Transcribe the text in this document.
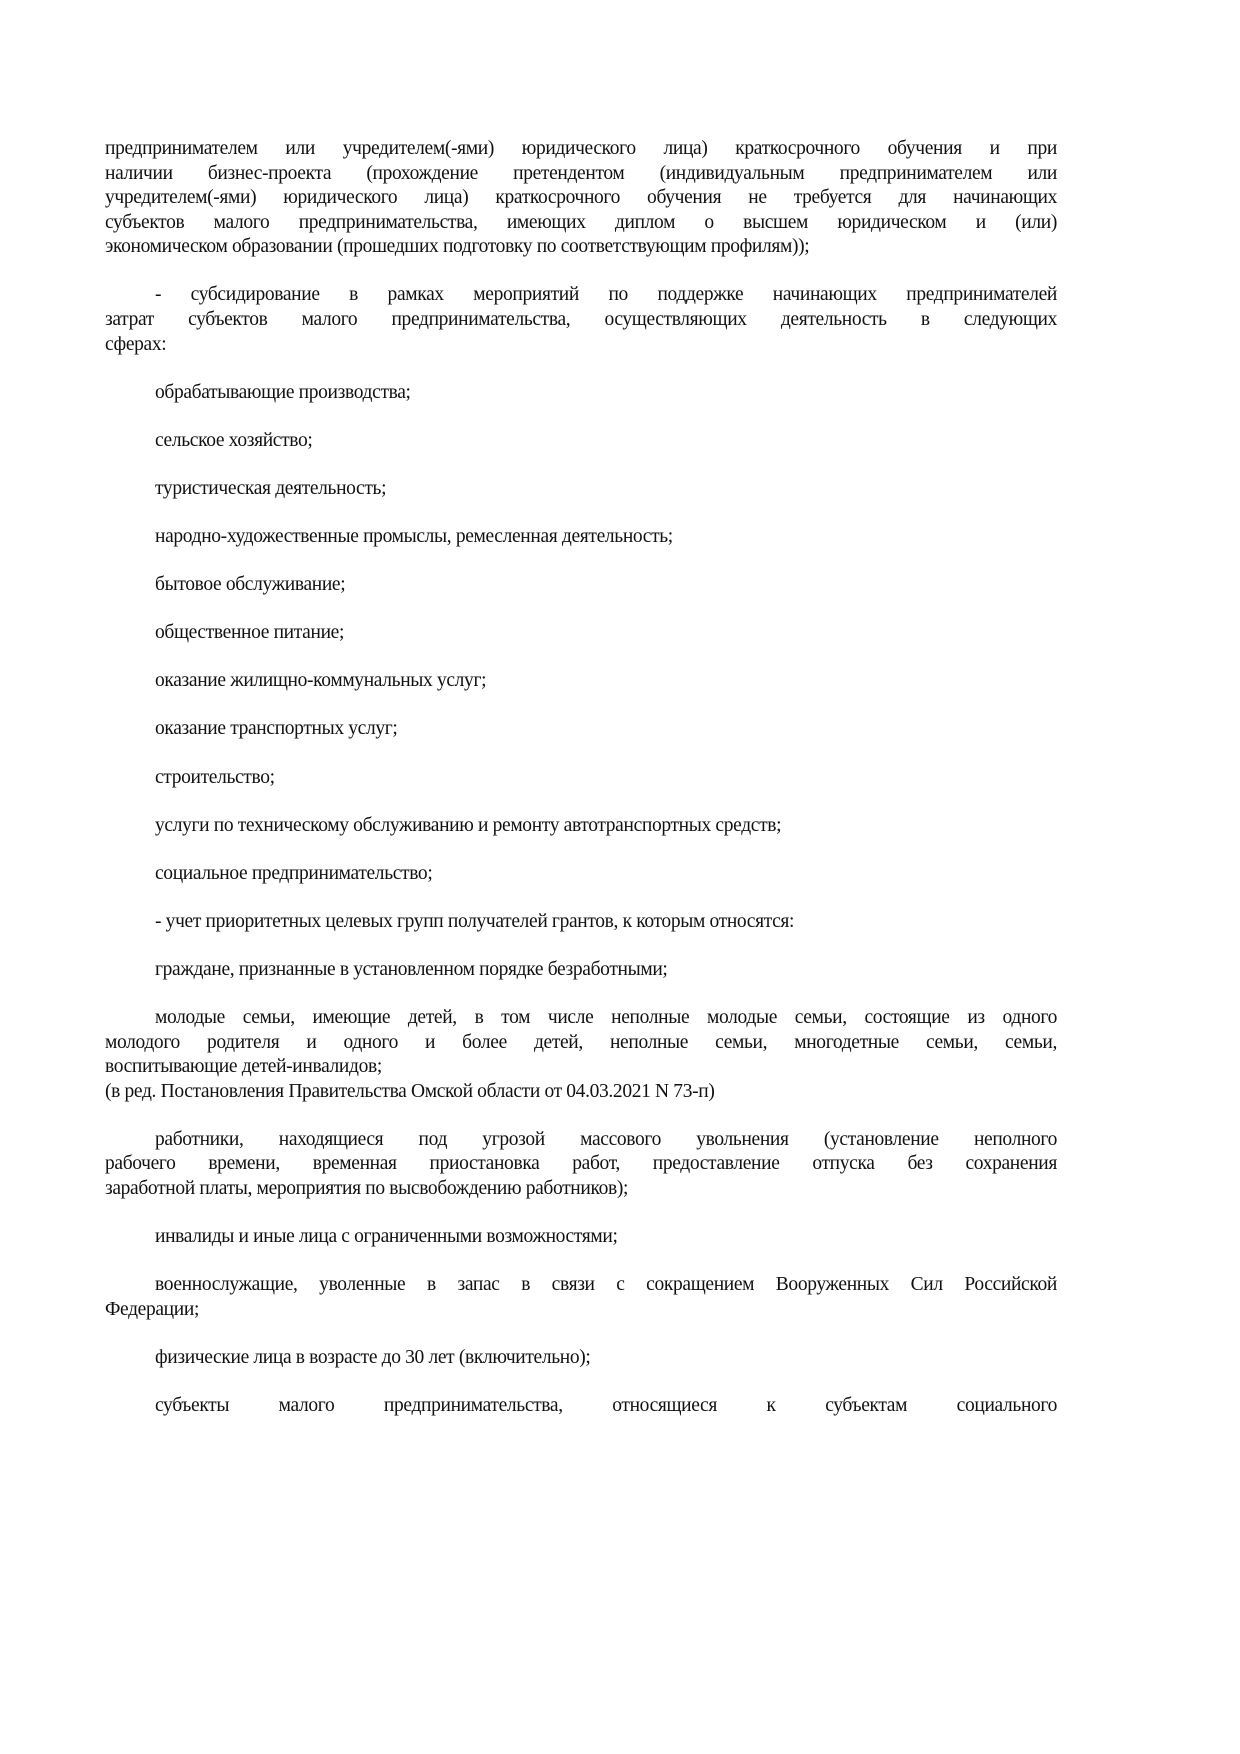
предпринимателем или учредителем(-ями) юридического лица) краткосрочного обучения и при
наличии бизнес-проекта (прохождение претендентом (индивидуальным предпринимателем или
учредителем(-ями) юридического лица) краткосрочного обучения не требуется для начинающих
субъектов малого предпринимательства, имеющих диплом о высшем юридическом и (или)
экономическом образовании (прошедших подготовку по соответствующим профилям));
- субсидирование в рамках мероприятий по поддержке начинающих предпринимателей
затрат субъектов малого предпринимательства, осуществляющих деятельность в следующих
сферах:
обрабатывающие производства;
сельское хозяйство;
туристическая деятельность;
народно-художественные промыслы, ремесленная деятельность;
бытовое обслуживание;
общественное питание;
оказание жилищно-коммунальных услуг;
оказание транспортных услуг;
строительство;
услуги по техническому обслуживанию и ремонту автотранспортных средств;
социальное предпринимательство;
- учет приоритетных целевых групп получателей грантов, к которым относятся:
граждане, признанные в установленном порядке безработными;
молодые семьи, имеющие детей, в том числе неполные молодые семьи, состоящие из одного
молодого родителя и одного и более детей, неполные семьи, многодетные семьи, семьи,
воспитывающие детей-инвалидов;
(в ред. Постановления Правительства Омской области от 04.03.2021 N 73-п)
работники, находящиеся под угрозой массового увольнения (установление неполного
рабочего времени, временная приостановка работ, предоставление отпуска без сохранения
заработной платы, мероприятия по высвобождению работников);
инвалиды и иные лица с ограниченными возможностями;
военнослужащие, уволенные в запас в связи с сокращением Вооруженных Сил Российской
Федерации;
физические лица в возрасте до 30 лет (включительно);
субъекты малого предпринимательства, относящиеся к субъектам социального
